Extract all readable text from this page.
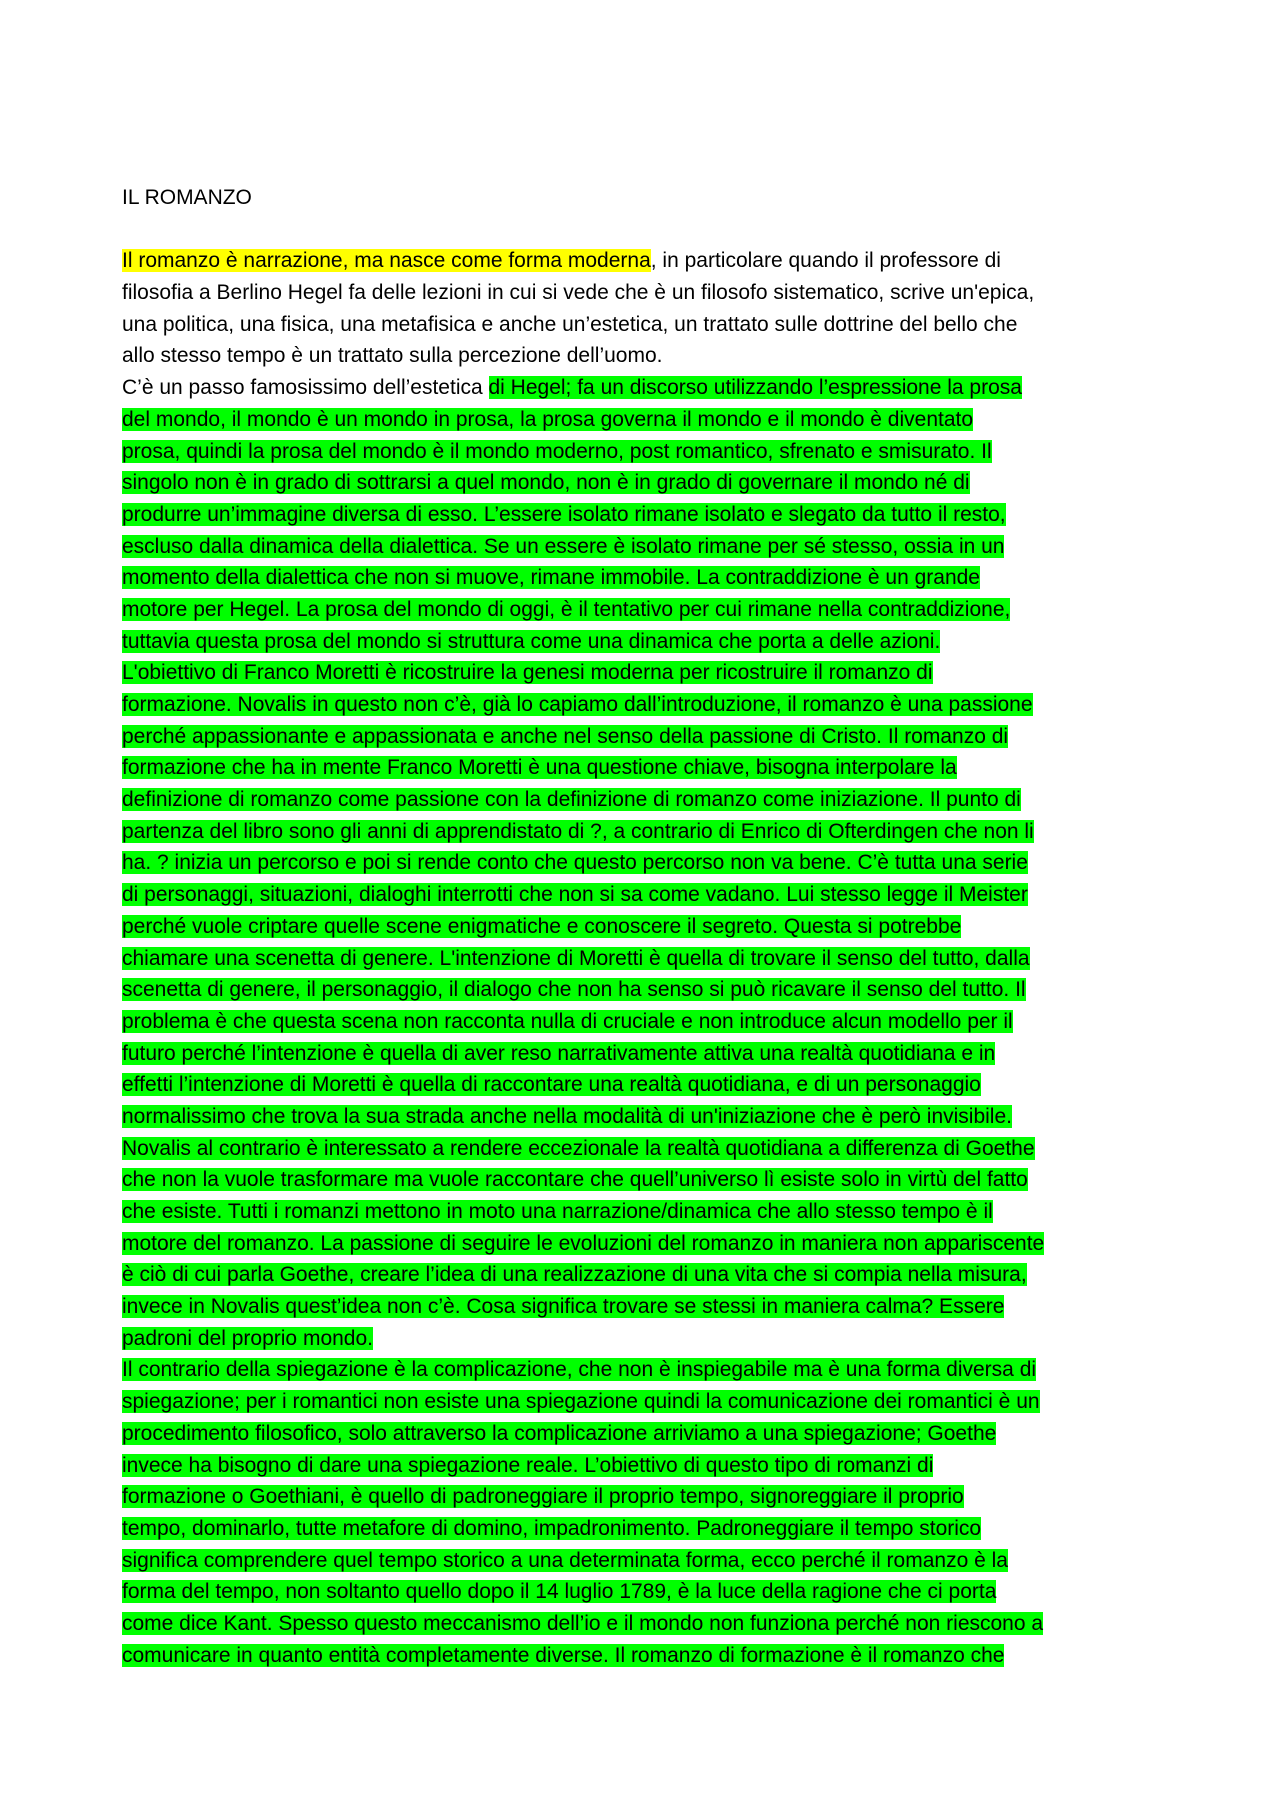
IL ROMANZO
Il romanzo è narrazione, ma nasce come forma moderna, in particolare quando il professore di
filosofia a Berlino Hegel fa delle lezioni in cui si vede che è un filosofo sistematico, scrive un'epica,
una politica, una fisica, una metafisica e anche un’estetica, un trattato sulle dottrine del bello che
allo stesso tempo è un trattato sulla percezione dell’uomo.
C’è un passo famosissimo dell’estetica di Hegel; fa un discorso utilizzando l’espressione la prosa
del mondo, il mondo è un mondo in prosa, la prosa governa il mondo e il mondo è diventato
prosa, quindi la prosa del mondo è il mondo moderno, post romantico, sfrenato e smisurato. Il
singolo non è in grado di sottrarsi a quel mondo, non è in grado di governare il mondo né di
produrre un’immagine diversa di esso. L’essere isolato rimane isolato e slegato da tutto il resto,
escluso dalla dinamica della dialettica. Se un essere è isolato rimane per sé stesso, ossia in un
momento della dialettica che non si muove, rimane immobile. La contraddizione è un grande
motore per Hegel. La prosa del mondo di oggi, è il tentativo per cui rimane nella contraddizione,
tuttavia questa prosa del mondo si struttura come una dinamica che porta a delle azioni.
L'obiettivo di Franco Moretti è ricostruire la genesi moderna per ricostruire il romanzo di
formazione. Novalis in questo non c’è, già lo capiamo dall’introduzione, il romanzo è una passione
perché appassionante e appassionata e anche nel senso della passione di Cristo. Il romanzo di
formazione che ha in mente Franco Moretti è una questione chiave, bisogna interpolare la
definizione di romanzo come passione con la definizione di romanzo come iniziazione. Il punto di
partenza del libro sono gli anni di apprendistato di ?, a contrario di Enrico di Ofterdingen che non li
ha. ? inizia un percorso e poi si rende conto che questo percorso non va bene. C’è tutta una serie
di personaggi, situazioni, dialoghi interrotti che non si sa come vadano. Lui stesso legge il Meister
perché vuole criptare quelle scene enigmatiche e conoscere il segreto. Questa si potrebbe
chiamare una scenetta di genere. L'intenzione di Moretti è quella di trovare il senso del tutto, dalla
scenetta di genere, il personaggio, il dialogo che non ha senso si può ricavare il senso del tutto. Il
problema è che questa scena non racconta nulla di cruciale e non introduce alcun modello per il
futuro perché l’intenzione è quella di aver reso narrativamente attiva una realtà quotidiana e in
effetti l’intenzione di Moretti è quella di raccontare una realtà quotidiana, e di un personaggio
normalissimo che trova la sua strada anche nella modalità di un'iniziazione che è però invisibile.
Novalis al contrario è interessato a rendere eccezionale la realtà quotidiana a differenza di Goethe
che non la vuole trasformare ma vuole raccontare che quell’universo lì esiste solo in virtù del fatto
che esiste. Tutti i romanzi mettono in moto una narrazione/dinamica che allo stesso tempo è il
motore del romanzo. La passione di seguire le evoluzioni del romanzo in maniera non appariscente
è ciò di cui parla Goethe, creare l’idea di una realizzazione di una vita che si compia nella misura,
invece in Novalis quest’idea non c’è. Cosa significa trovare se stessi in maniera calma? Essere
padroni del proprio mondo.
Il contrario della spiegazione è la complicazione, che non è inspiegabile ma è una forma diversa di
spiegazione; per i romantici non esiste una spiegazione quindi la comunicazione dei romantici è un
procedimento filosofico, solo attraverso la complicazione arriviamo a una spiegazione; Goethe
invece ha bisogno di dare una spiegazione reale. L’obiettivo di questo tipo di romanzi di
formazione o Goethiani, è quello di padroneggiare il proprio tempo, signoreggiare il proprio
tempo, dominarlo, tutte metafore di domino, impadronimento. Padroneggiare il tempo storico
significa comprendere quel tempo storico a una determinata forma, ecco perché il romanzo è la
forma del tempo, non soltanto quello dopo il 14 luglio 1789, è la luce della ragione che ci porta
come dice Kant. Spesso questo meccanismo dell’io e il mondo non funziona perché non riescono a
comunicare in quanto entità completamente diverse. Il romanzo di formazione è il romanzo che
